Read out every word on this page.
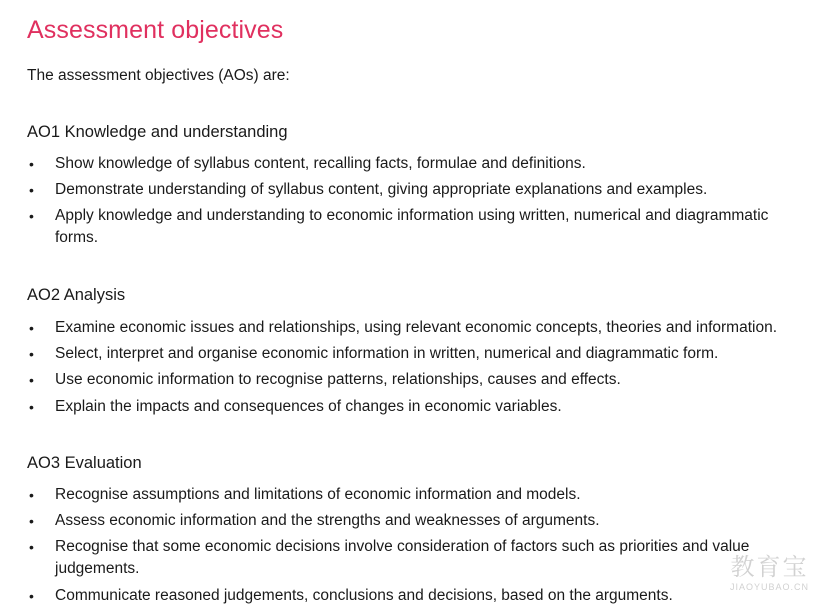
Assessment objectives
The assessment objectives (AOs) are:
AO1 Knowledge and understanding
• Show knowledge of syllabus content, recalling facts, formulae and definitions.
• Demonstrate understanding of syllabus content, giving appropriate explanations and examples.
• Apply knowledge and understanding to economic information using written, numerical and diagrammatic forms.
AO2 Analysis
• Examine economic issues and relationships, using relevant economic concepts, theories and information.
• Select, interpret and organise economic information in written, numerical and diagrammatic form.
• Use economic information to recognise patterns, relationships, causes and effects.
• Explain the impacts and consequences of changes in economic variables.
AO3 Evaluation
• Recognise assumptions and limitations of economic information and models.
• Assess economic information and the strengths and weaknesses of arguments.
• Recognise that some economic decisions involve consideration of factors such as priorities and value judgements.
• Communicate reasoned judgements, conclusions and decisions, based on the arguments.
教育宝
JIAOYUBAO.CN
